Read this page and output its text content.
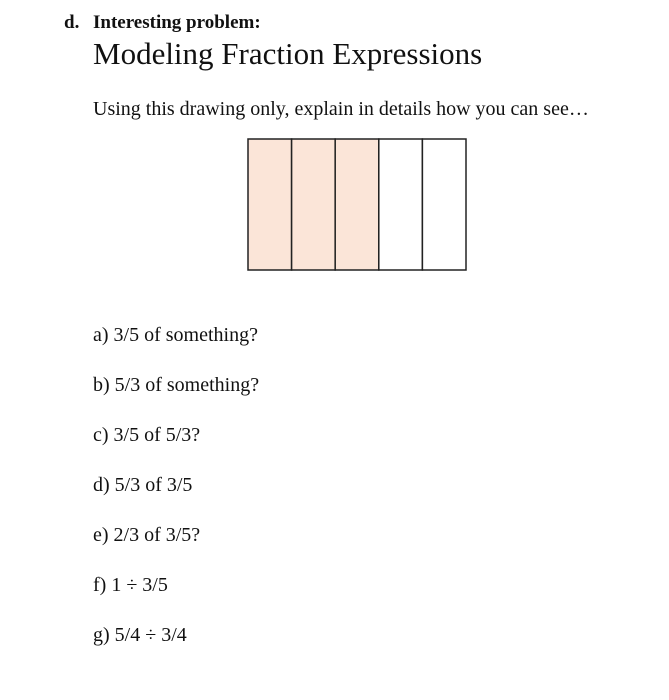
d. Interesting problem:
Modeling Fraction Expressions
Using this drawing only, explain in details how you can see…
a) 3/5 of something?
b) 5/3 of something?
c) 3/5 of 5/3?
d) 5/3 of 3/5
e) 2/3 of 3/5?
f) 1 ÷ 3/5
g) 5/4 ÷ 3/4
